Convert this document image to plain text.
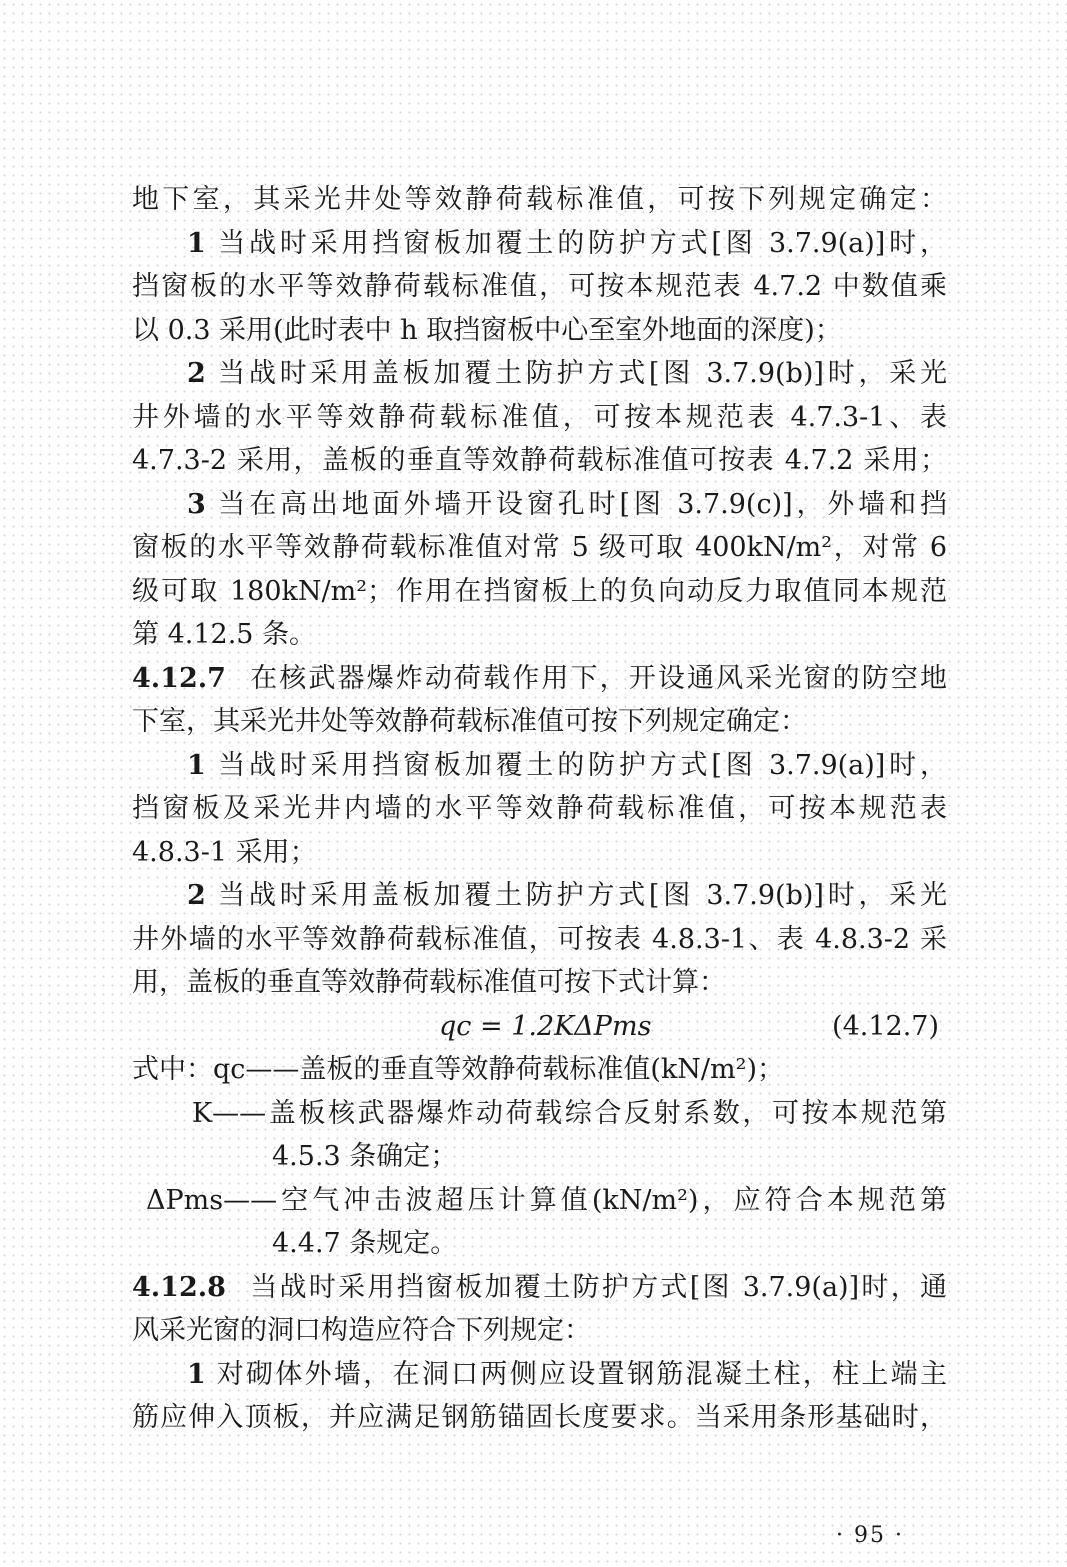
地下室，其采光井处等效静荷载标准值，可按下列规定确定：
1 当战时采用挡窗板加覆土的防护方式[图 3.7.9(a)]时，
挡窗板的水平等效静荷载标准值，可按本规范表 4.7.2 中数值乘
以 0.3 采用(此时表中 h 取挡窗板中心至室外地面的深度)；
2 当战时采用盖板加覆土防护方式[图 3.7.9(b)]时，采光
井外墙的水平等效静荷载标准值，可按本规范表 4.7.3-1、表
4.7.3-2 采用，盖板的垂直等效静荷载标准值可按表 4.7.2 采用；
3 当在高出地面外墙开设窗孔时[图 3.7.9(c)]，外墙和挡
窗板的水平等效静荷载标准值对常 5 级可取 400kN/m²，对常 6
级可取 180kN/m²；作用在挡窗板上的负向动反力取值同本规范
第 4.12.5 条。
4.12.7 在核武器爆炸动荷载作用下，开设通风采光窗的防空地
下室，其采光井处等效静荷载标准值可按下列规定确定：
1 当战时采用挡窗板加覆土的防护方式[图 3.7.9(a)]时，
挡窗板及采光井内墙的水平等效静荷载标准值，可按本规范表
4.8.3-1 采用；
2 当战时采用盖板加覆土防护方式[图 3.7.9(b)]时，采光
井外墙的水平等效静荷载标准值，可按表 4.8.3-1、表 4.8.3-2 采
用，盖板的垂直等效静荷载标准值可按下式计算：
qc = 1.2KΔPms	(4.12.7)
式中：qc——盖板的垂直等效静荷载标准值(kN/m²)；
K——盖板核武器爆炸动荷载综合反射系数，可按本规范第
4.5.3 条确定；
ΔPms——空气冲击波超压计算值(kN/m²)，应符合本规范第
4.4.7 条规定。
4.12.8 当战时采用挡窗板加覆土防护方式[图 3.7.9(a)]时，通
风采光窗的洞口构造应符合下列规定：
1 对砌体外墙，在洞口两侧应设置钢筋混凝土柱，柱上端主
筋应伸入顶板，并应满足钢筋锚固长度要求。当采用条形基础时，
· 95 ·
